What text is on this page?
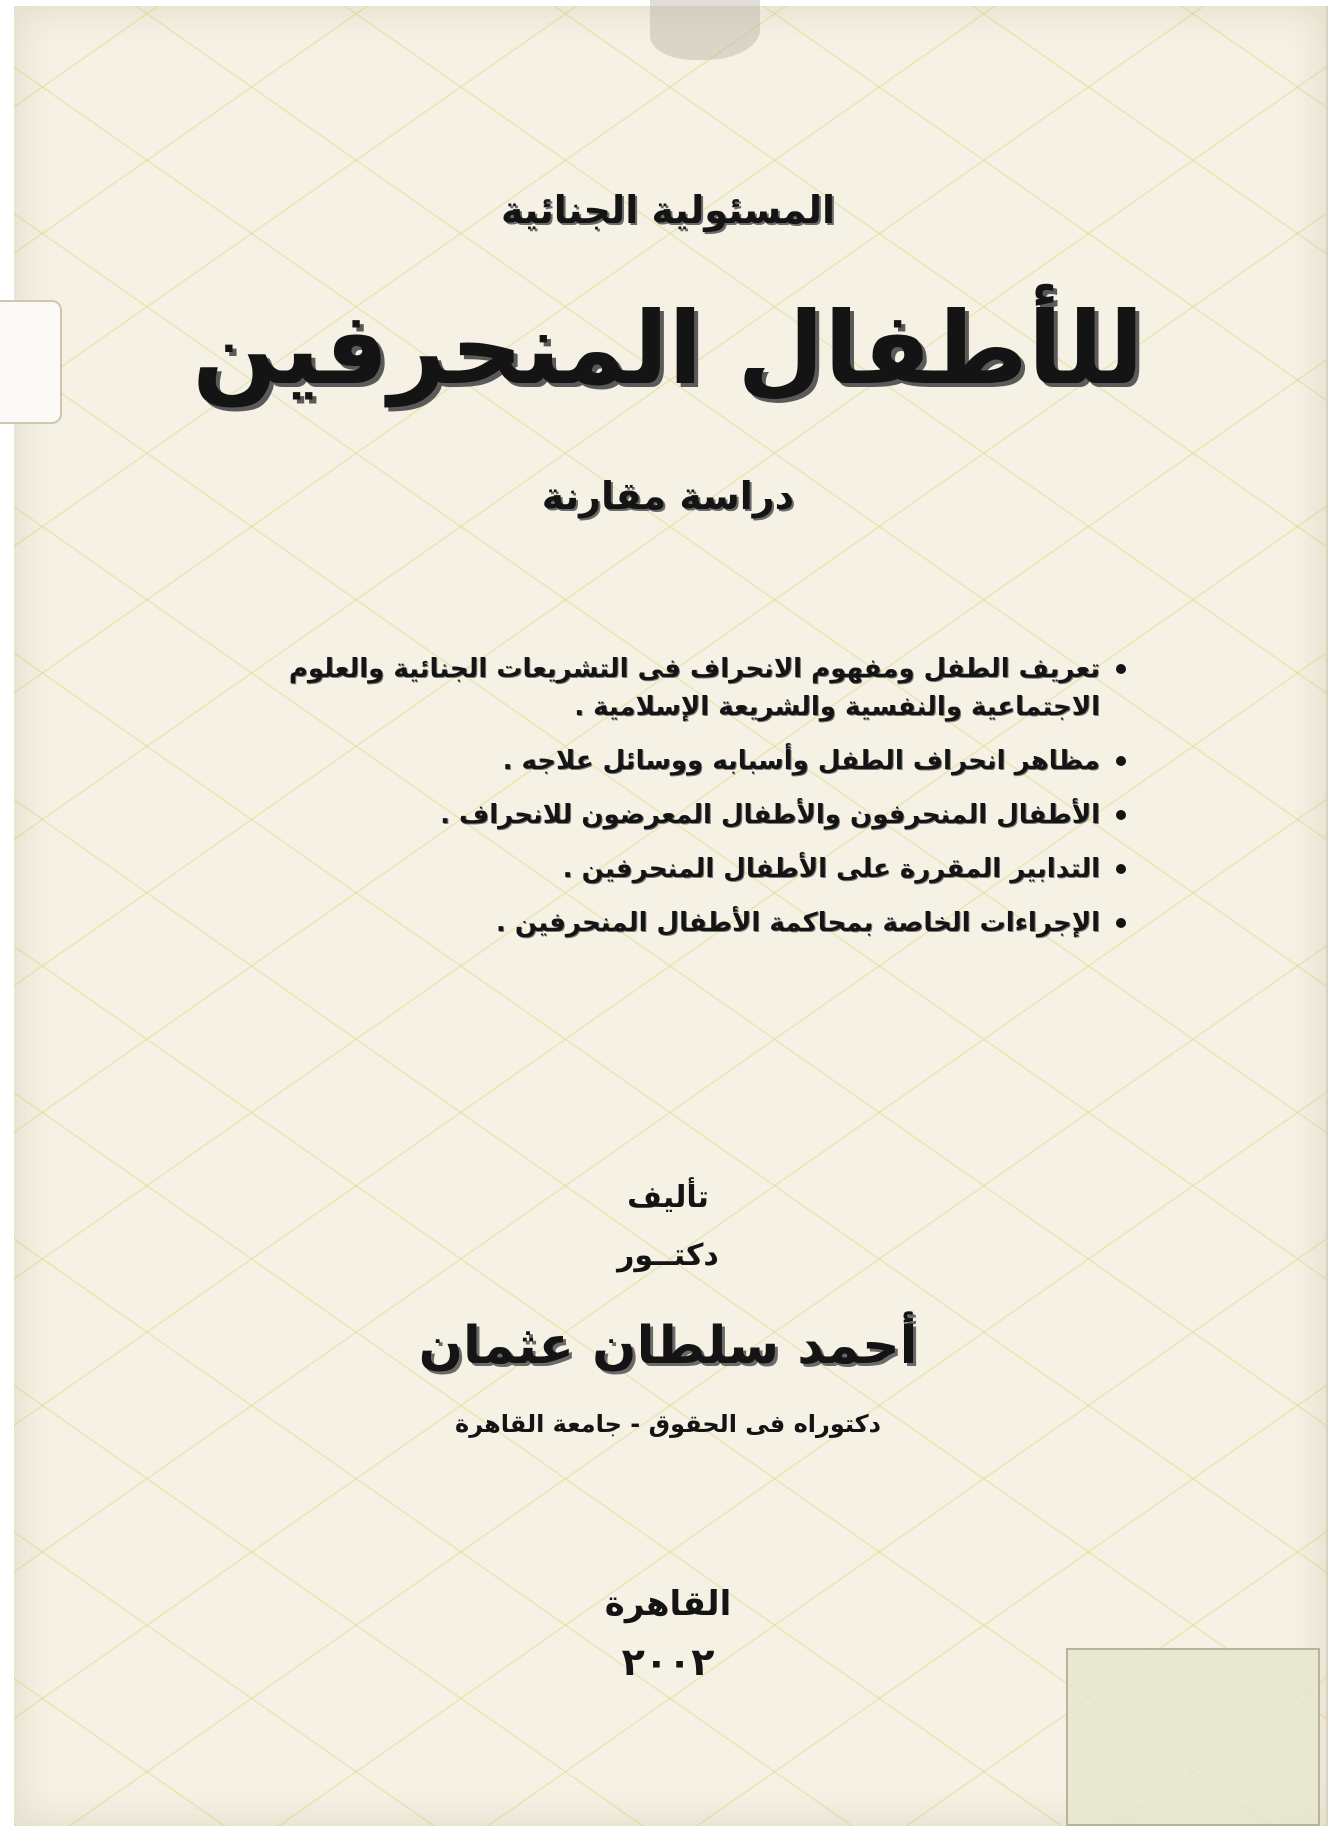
المسئولية الجنائية
للأطفال المنحرفين
دراسة مقارنة
تعريف الطفل ومفهوم الانحراف فى التشريعات الجنائية والعلوم الاجتماعية والنفسية والشريعة الإسلامية .
مظاهر انحراف الطفل وأسبابه ووسائل علاجه .
الأطفال المنحرفون والأطفال المعرضون للانحراف .
التدابير المقررة على الأطفال المنحرفين .
الإجراءات الخاصة بمحاكمة الأطفال المنحرفين .
تأليف
دكتــور
أحمد سلطان عثمان
دكتوراه فى الحقوق - جامعة القاهرة
القاهرة
٢٠٠٢
